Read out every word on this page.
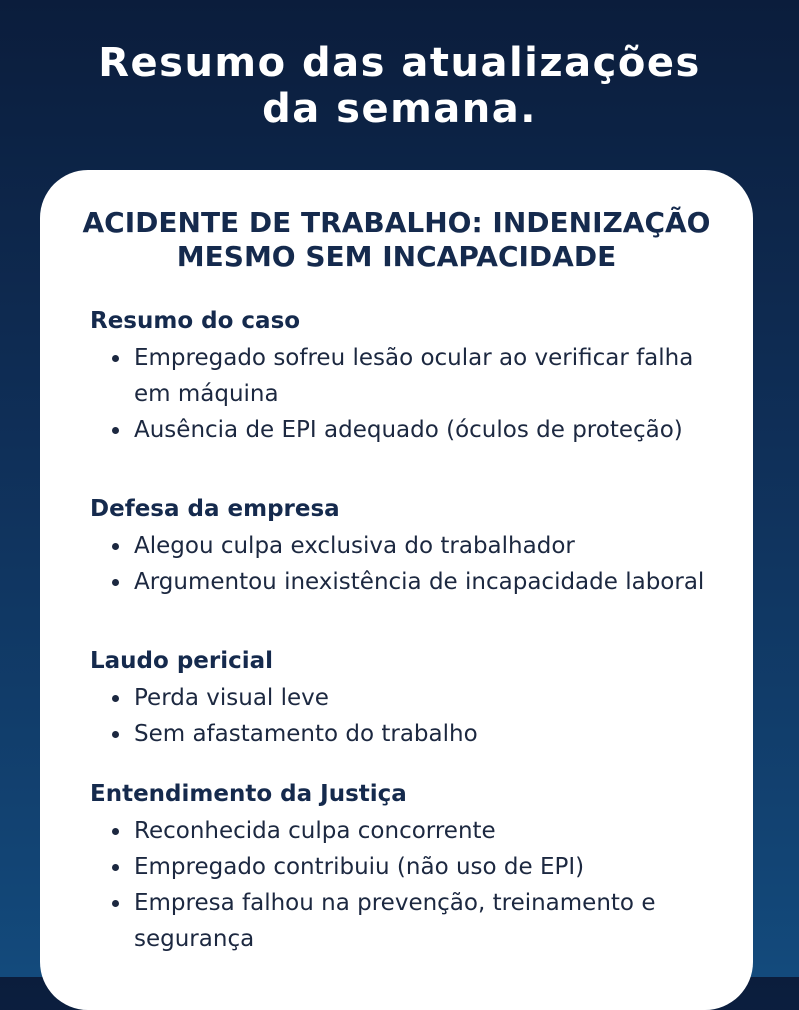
Resumo das atualizações
da semana.
ACIDENTE DE TRABALHO: INDENIZAÇÃO
MESMO SEM INCAPACIDADE
Resumo do caso
Empregado sofreu lesão ocular ao verificar falha em máquina
Ausência de EPI adequado (óculos de proteção)
Defesa da empresa
Alegou culpa exclusiva do trabalhador
Argumentou inexistência de incapacidade laboral
Laudo pericial
Perda visual leve
Sem afastamento do trabalho
Entendimento da Justiça
Reconhecida culpa concorrente
Empregado contribuiu (não uso de EPI)
Empresa falhou na prevenção, treinamento e segurança
